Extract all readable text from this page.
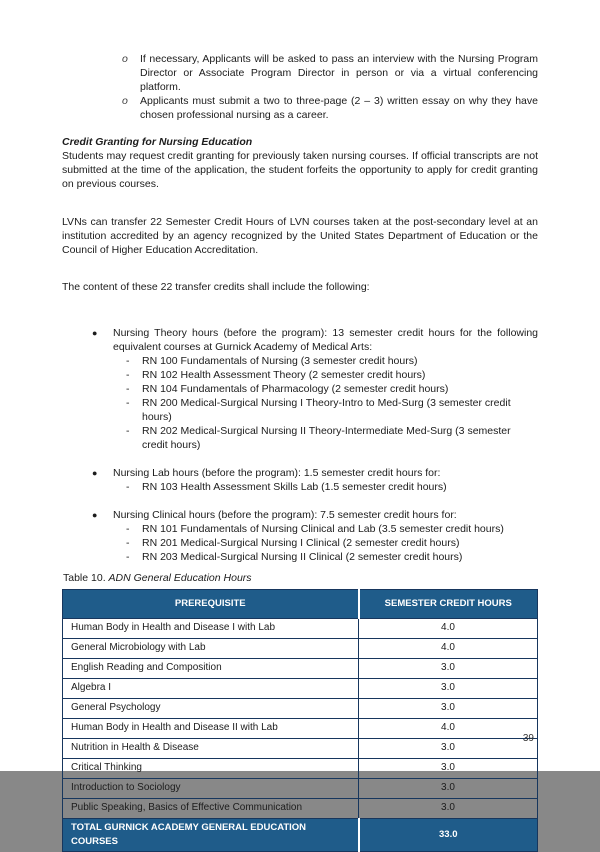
o	If necessary, Applicants will be asked to pass an interview with the Nursing Program Director or Associate Program Director in person or via a virtual conferencing platform.
o	Applicants must submit a two to three-page (2 – 3) written essay on why they have chosen professional nursing as a career.
Credit Granting for Nursing Education

Students may request credit granting for previously taken nursing courses. If official transcripts are not submitted at the time of the application, the student forfeits the opportunity to apply for credit granting on previous courses.

LVNs can transfer 22 Semester Credit Hours of LVN courses taken at the post-secondary level at an institution accredited by an agency recognized by the United States Department of Education or the Council of Higher Education Accreditation.

The content of these 22 transfer credits shall include the following:

●	Nursing Theory hours (before the program): 13 semester credit hours for the following equivalent courses at Gurnick Academy of Medical Arts:
-	RN 100 Fundamentals of Nursing (3 semester credit hours)
-	RN 102 Health Assessment Theory (2 semester credit hours)
-	RN 104 Fundamentals of Pharmacology (2 semester credit hours)
-	RN 200 Medical-Surgical Nursing I Theory-Intro to Med-Surg (3 semester credit hours)
-	RN 202 Medical-Surgical Nursing II Theory-Intermediate Med-Surg (3 semester credit hours)
●	Nursing Lab hours (before the program): 1.5 semester credit hours for:
-	RN 103 Health Assessment Skills Lab (1.5 semester credit hours)
●	Nursing Clinical hours (before the program): 7.5 semester credit hours for:
-	RN 101 Fundamentals of Nursing Clinical and Lab (3.5 semester credit hours)
-	RN 201 Medical-Surgical Nursing I Clinical (2 semester credit hours)
-	RN 203 Medical-Surgical Nursing II Clinical (2 semester credit hours)
Table 10. ADN General Education Hours
PREREQUISITE	SEMESTER CREDIT HOURS
Human Body in Health and Disease I with Lab	4.0
General Microbiology with Lab	4.0
English Reading and Composition	3.0
Algebra I	3.0
General Psychology	3.0
Human Body in Health and Disease II with Lab	4.0
Nutrition in Health & Disease	3.0
Critical Thinking	3.0
Introduction to Sociology	3.0
Public Speaking, Basics of Effective Communication	3.0
TOTAL GURNICK ACADEMY GENERAL EDUCATION COURSES	33.0
39
